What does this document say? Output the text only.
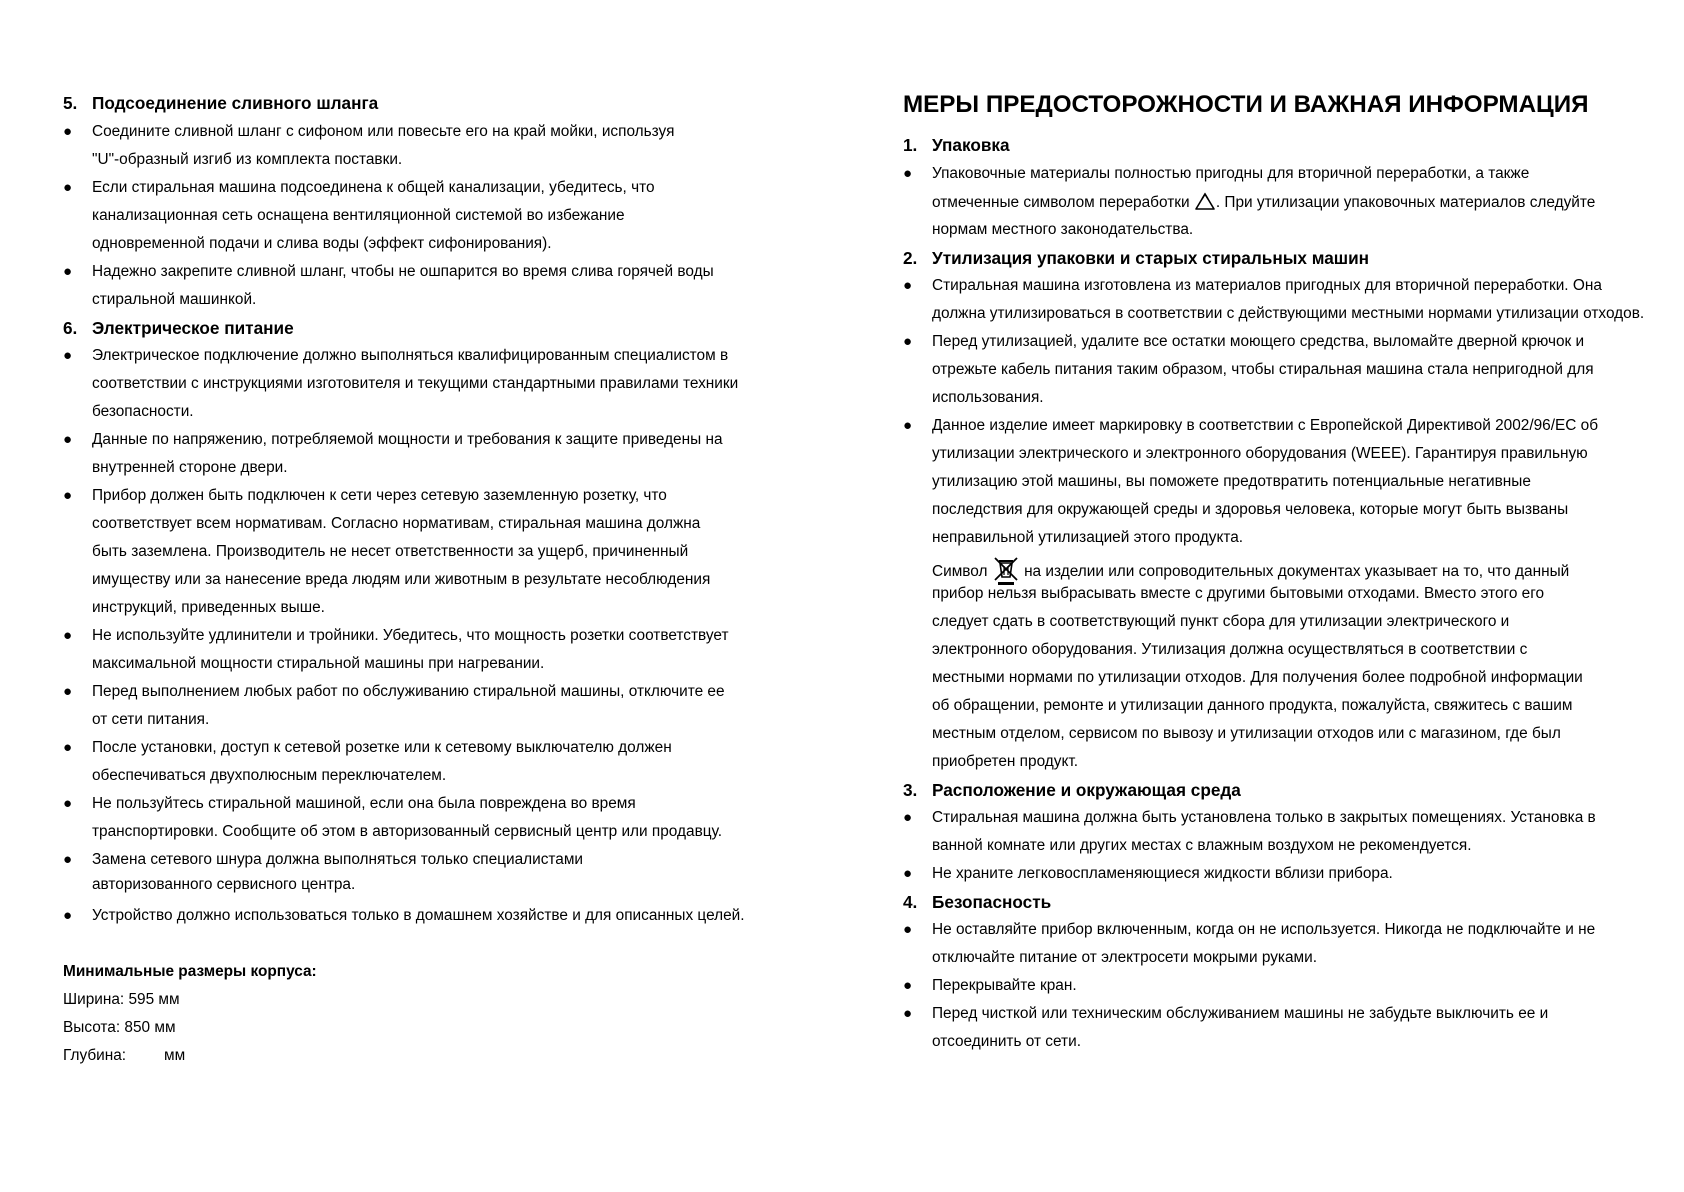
5. Подсоединение сливного шланга
● Соедините сливной шланг с сифоном или повесьте его на край мойки, используя
"U"-образный изгиб из комплекта поставки.
● Если стиральная машина подсоединена к общей канализации, убедитесь, что
канализационная сеть оснащена вентиляционной системой во избежание
одновременной подачи и слива воды (эффект сифонирования).
● Надежно закрепите сливной шланг, чтобы не ошпарится во время слива горячей воды
стиральной машинкой.
6. Электрическое питание
● Электрическое подключение должно выполняться квалифицированным специалистом в
соответствии с инструкциями изготовителя и текущими стандартными правилами техники
безопасности.
● Данные по напряжению, потребляемой мощности и требования к защите приведены на
внутренней стороне двери.
● Прибор должен быть подключен к сети через сетевую заземленную розетку, что
соответствует всем нормативам. Согласно нормативам, стиральная машина должна
быть заземлена. Производитель не несет ответственности за ущерб, причиненный
имуществу или за нанесение вреда людям или животным в результате несоблюдения
инструкций, приведенных выше.
● Не используйте удлинители и тройники. Убедитесь, что мощность розетки соответствует
максимальной мощности стиральной машины при нагревании.
● Перед выполнением любых работ по обслуживанию стиральной машины, отключите ее
от сети питания.
● После установки, доступ к сетевой розетке или к сетевому выключателю должен
обеспечиваться двухполюсным переключателем.
● Не пользуйтесь стиральной машиной, если она была повреждена во время
транспортировки. Сообщите об этом в авторизованный сервисный центр или продавцу.
● Замена сетевого шнура должна выполняться только специалистами
авторизованного сервисного центра.
● Устройство должно использоваться только в домашнем хозяйстве и для описанных целей.
Минимальные размеры корпуса:
Ширина: 595 мм
Высота: 850 мм
Глубина: мм
МЕРЫ ПРЕДОСТОРОЖНОСТИ И ВАЖНАЯ ИНФОРМАЦИЯ
1. Упаковка
● Упаковочные материалы полностью пригодны для вторичной переработки, а также
отмеченные символом переработки . При утилизации упаковочных материалов следуйте
нормам местного законодательства.
2. Утилизация упаковки и старых стиральных машин
● Стиральная машина изготовлена из материалов пригодных для вторичной переработки. Она
должна утилизироваться в соответствии с действующими местными нормами утилизации отходов.
● Перед утилизацией, удалите все остатки моющего средства, выломайте дверной крючок и
отрежьте кабель питания таким образом, чтобы стиральная машина стала непригодной для
использования.
● Данное изделие имеет маркировку в соответствии с Европейской Директивой 2002/96/ЕС об
утилизации электрического и электронного оборудования (WEEE). Гарантируя правильную
утилизацию этой машины, вы поможете предотвратить потенциальные негативные
последствия для окружающей среды и здоровья человека, которые могут быть вызваны
неправильной утилизацией этого продукта.
Символ на изделии или сопроводительных документах указывает на то, что данный
прибор нельзя выбрасывать вместе с другими бытовыми отходами. Вместо этого его
следует сдать в соответствующий пункт сбора для утилизации электрического и
электронного оборудования. Утилизация должна осуществляться в соответствии с
местными нормами по утилизации отходов. Для получения более подробной информации
об обращении, ремонте и утилизации данного продукта, пожалуйста, свяжитесь с вашим
местным отделом, сервисом по вывозу и утилизации отходов или с магазином, где был
приобретен продукт.
3. Расположение и окружающая среда
● Стиральная машина должна быть установлена только в закрытых помещениях. Установка в
ванной комнате или других местах с влажным воздухом не рекомендуется.
● Не храните легковоспламеняющиеся жидкости вблизи прибора.
4. Безопасность
● Не оставляйте прибор включенным, когда он не используется. Никогда не подключайте и не
отключайте питание от электросети мокрыми руками.
● Перекрывайте кран.
● Перед чисткой или техническим обслуживанием машины не забудьте выключить ее и
отсоединить от сети.
